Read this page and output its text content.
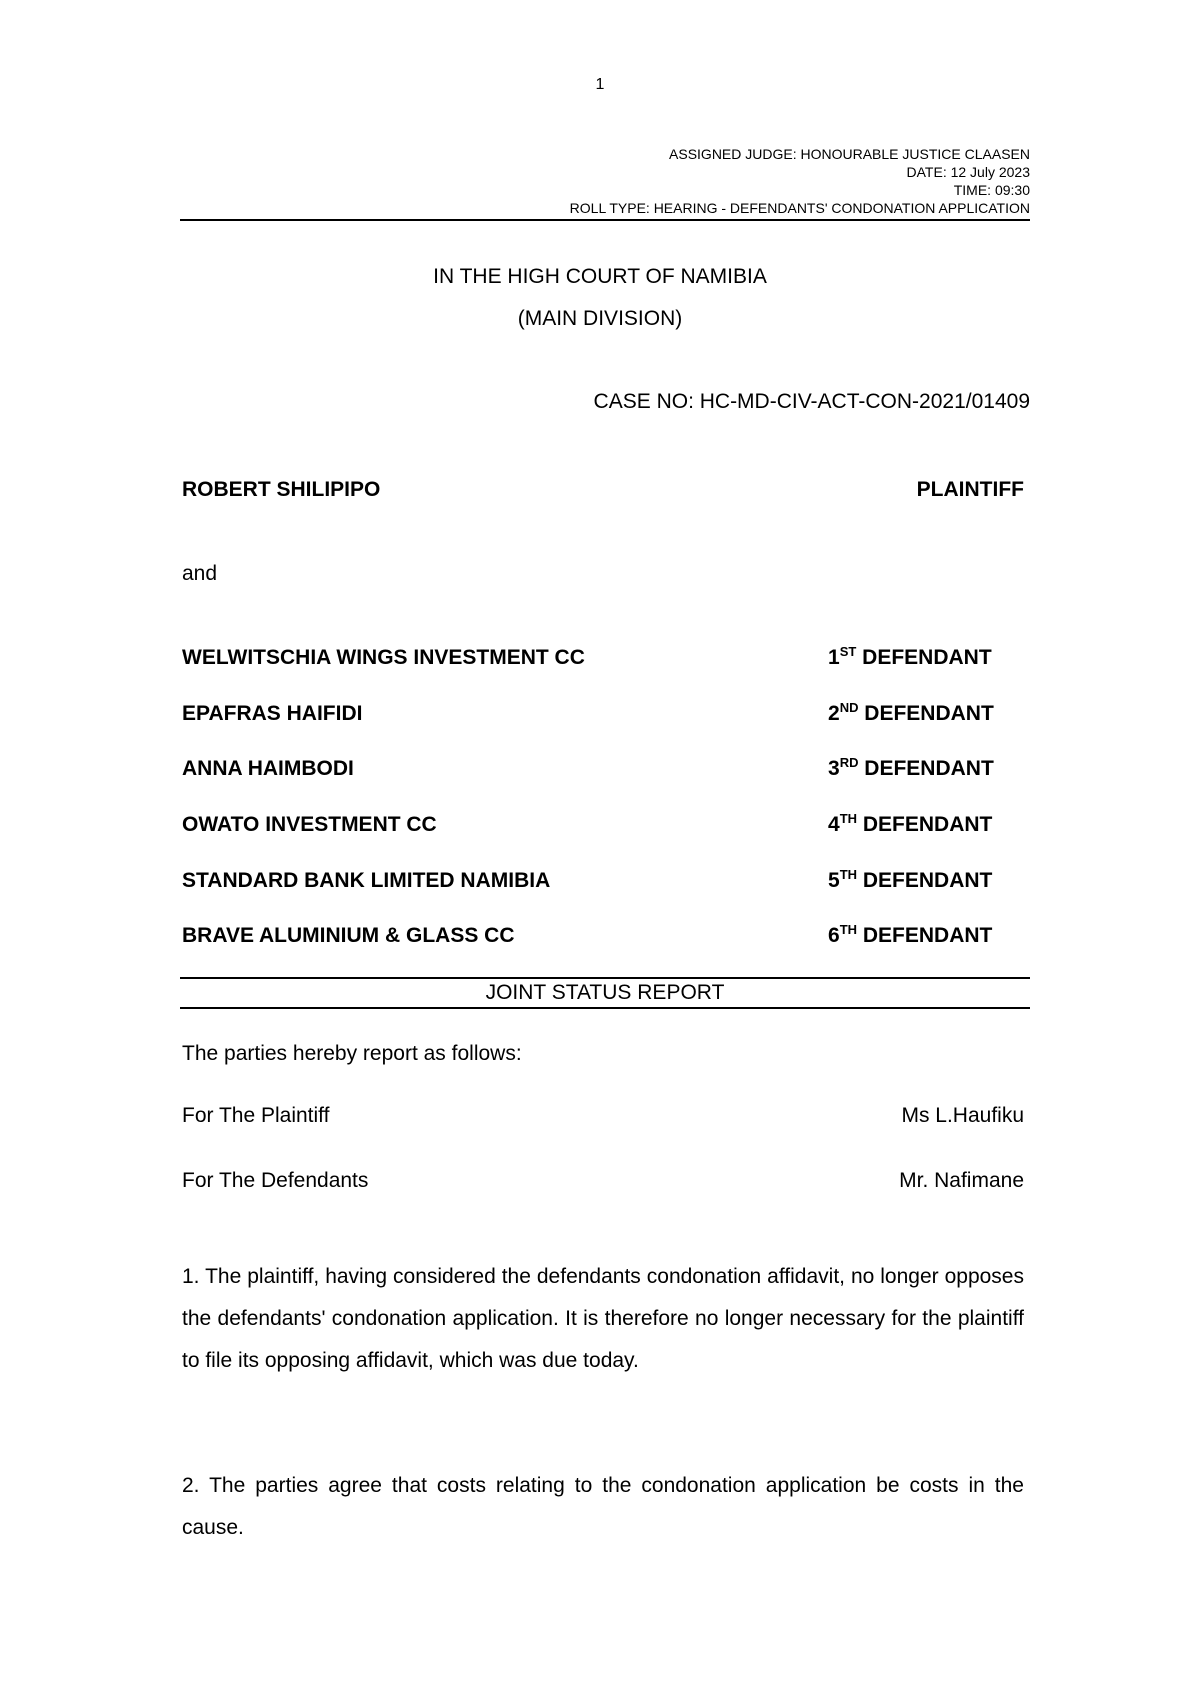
1
ASSIGNED JUDGE: HONOURABLE JUSTICE CLAASEN
DATE: 12 July 2023
TIME: 09:30
ROLL TYPE: HEARING - DEFENDANTS' CONDONATION APPLICATION
IN THE HIGH COURT OF NAMIBIA
(MAIN DIVISION)
CASE NO: HC-MD-CIV-ACT-CON-2021/01409
ROBERT SHILIPIPO	PLAINTIFF
and
WELWITSCHIA WINGS INVESTMENT CC	1ST DEFENDANT
EPAFRAS HAIFIDI	2ND DEFENDANT
ANNA HAIMBODI	3RD DEFENDANT
OWATO INVESTMENT CC	4TH DEFENDANT
STANDARD BANK LIMITED NAMIBIA	5TH DEFENDANT
BRAVE ALUMINIUM & GLASS CC	6TH DEFENDANT
JOINT STATUS REPORT
The parties hereby report as follows:
For The Plaintiff	Ms L.Haufiku
For The Defendants	Mr. Nafimane
1. The plaintiff, having considered the defendants condonation affidavit, no longer opposes the defendants' condonation application. It is therefore no longer necessary for the plaintiff to file its opposing affidavit, which was due today.
2. The parties agree that costs relating to the condonation application be costs in the cause.
